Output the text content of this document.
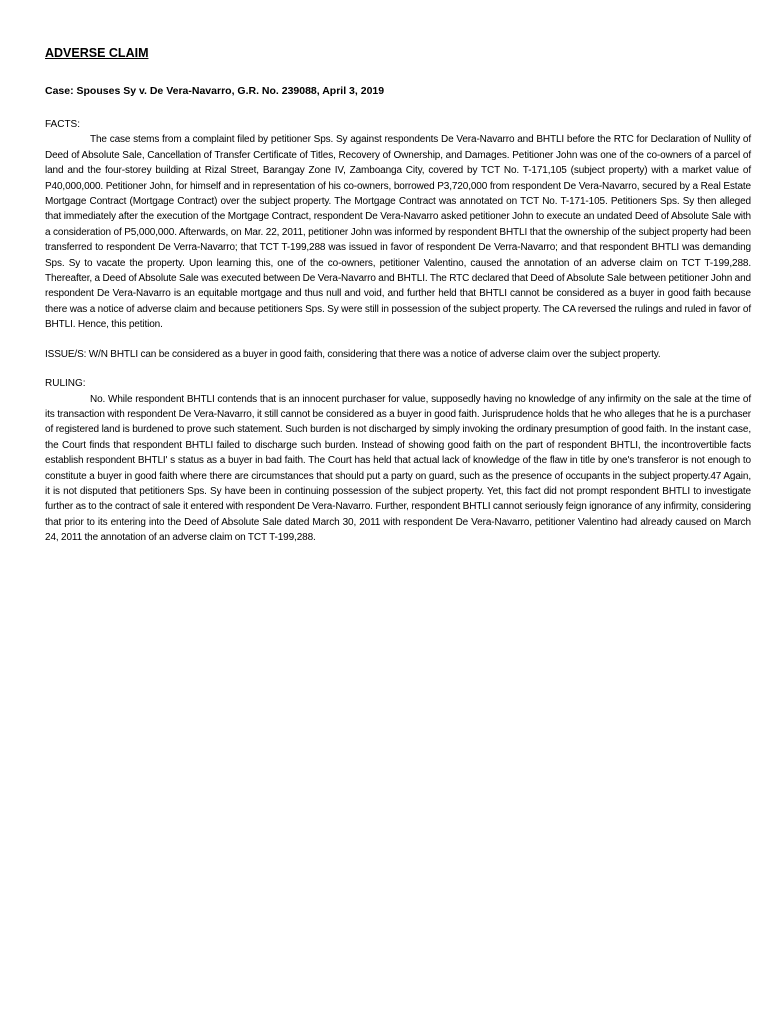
ADVERSE CLAIM
Case: Spouses Sy v. De Vera-Navarro, G.R. No. 239088, April 3, 2019
FACTS:

The case stems from a complaint filed by petitioner Sps. Sy against respondents De Vera-Navarro and BHTLI before the RTC for Declaration of Nullity of Deed of Absolute Sale, Cancellation of Transfer Certificate of Titles, Recovery of Ownership, and Damages. Petitioner John was one of the co-owners of a parcel of land and the four-storey building at Rizal Street, Barangay Zone IV, Zamboanga City, covered by TCT No. T-171,105 (subject property) with a market value of P40,000,000. Petitioner John, for himself and in representation of his co-owners, borrowed P3,720,000 from respondent De Vera-Navarro, secured by a Real Estate Mortgage Contract (Mortgage Contract) over the subject property. The Mortgage Contract was annotated on TCT No. T-171-105. Petitioners Sps. Sy then alleged that immediately after the execution of the Mortgage Contract, respondent De Vera-Navarro asked petitioner John to execute an undated Deed of Absolute Sale with a consideration of P5,000,000. Afterwards, on Mar. 22, 2011, petitioner John was informed by respondent BHTLI that the ownership of the subject property had been transferred to respondent De Verra-Navarro; that TCT T-199,288 was issued in favor of respondent De Verra-Navarro; and that respondent BHTLI was demanding Sps. Sy to vacate the property. Upon learning this, one of the co-owners, petitioner Valentino, caused the annotation of an adverse claim on TCT T-199,288. Thereafter, a Deed of Absolute Sale was executed between De Vera-Navarro and BHTLI. The RTC declared that Deed of Absolute Sale between petitioner John and respondent De Vera-Navarro is an equitable mortgage and thus null and void, and further held that BHTLI cannot be considered as a buyer in good faith because there was a notice of adverse claim and because petitioners Sps. Sy were still in possession of the subject property. The CA reversed the rulings and ruled in favor of BHTLI. Hence, this petition.

ISSUE/S: W/N BHTLI can be considered as a buyer in good faith, considering that there was a notice of adverse claim over the subject property.

RULING:

No. While respondent BHTLI contends that is an innocent purchaser for value, supposedly having no knowledge of any infirmity on the sale at the time of its transaction with respondent De Vera-Navarro, it still cannot be considered as a buyer in good faith. Jurisprudence holds that he who alleges that he is a purchaser of registered land is burdened to prove such statement. Such burden is not discharged by simply invoking the ordinary presumption of good faith. In the instant case, the Court finds that respondent BHTLI failed to discharge such burden. Instead of showing good faith on the part of respondent BHTLI, the incontrovertible facts establish respondent BHTLI' s status as a buyer in bad faith. The Court has held that actual lack of knowledge of the flaw in title by one's transferor is not enough to constitute a buyer in good faith where there are circumstances that should put a party on guard, such as the presence of occupants in the subject property.47 Again, it is not disputed that petitioners Sps. Sy have been in continuing possession of the subject property. Yet, this fact did not prompt respondent BHTLI to investigate further as to the contract of sale it entered with respondent De Vera-Navarro. Further, respondent BHTLI cannot seriously feign ignorance of any infirmity, considering that prior to its entering into the Deed of Absolute Sale dated March 30, 2011 with respondent De Vera-Navarro, petitioner Valentino had already caused on March 24, 2011 the annotation of an adverse claim on TCT T-199,288.
